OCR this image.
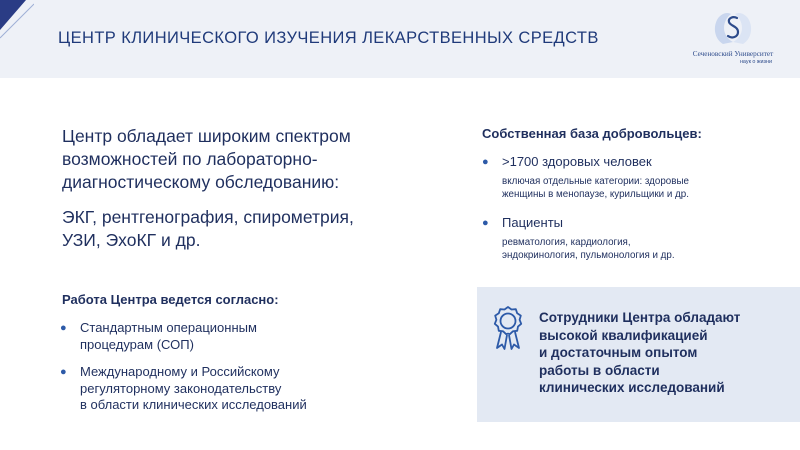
ЦЕНТР КЛИНИЧЕСКОГО ИЗУЧЕНИЯ ЛЕКАРСТВЕННЫХ СРЕДСТВ
Сеченовский Университет
наук о жизни
Центр обладает широким спектром
возможностей по лабораторно-
диагностическому обследованию:
ЭКГ, рентгенография, спирометрия,
УЗИ, ЭхоКГ и др.
Работа Центра ведется согласно:
● Стандартным операционным
процедурам (СОП)
● Международному и Российскому
регуляторному законодательству
в области клинических исследований
Собственная база добровольцев:
● >1700 здоровых человек
включая отдельные категории: здоровые
женщины в менопаузе, курильщики и др.
● Пациенты
ревматология, кардиология,
эндокринология, пульмонология и др.
Сотрудники Центра обладают
высокой квалификацией
и достаточным опытом
работы в области
клинических исследований
